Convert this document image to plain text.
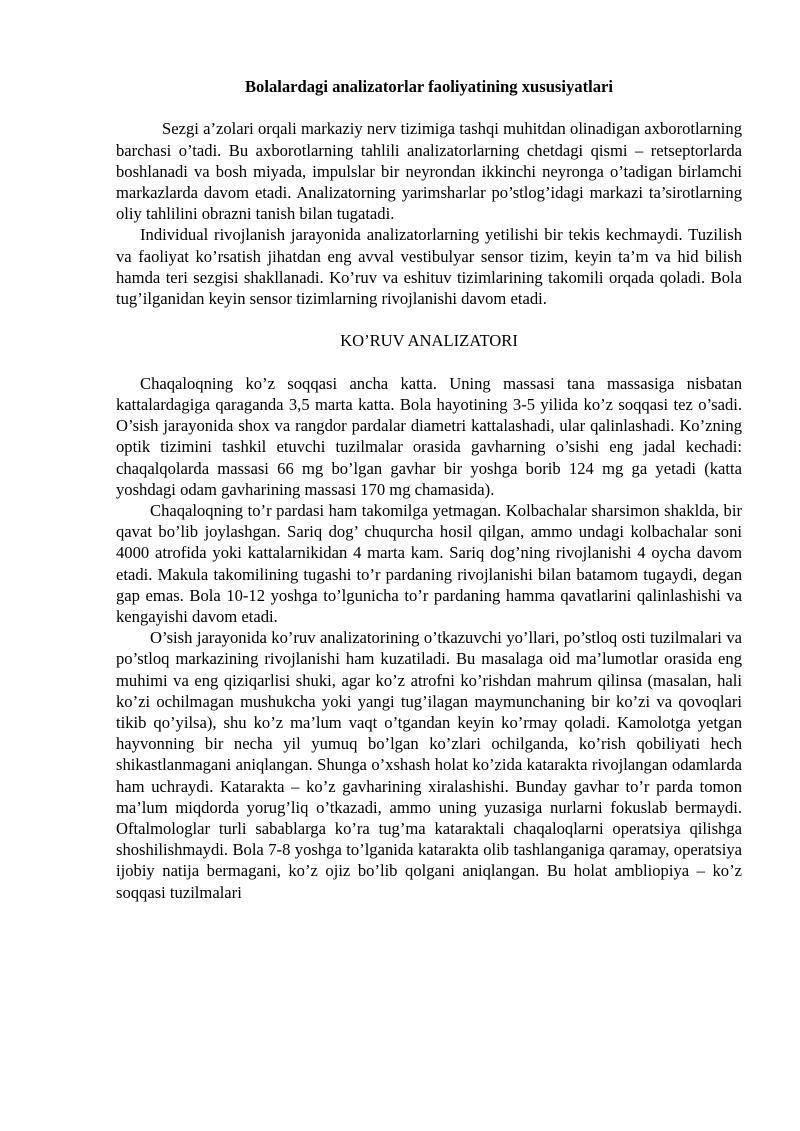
Bolalardagi analizatorlar faoliyatining xususiyatlari

Sezgi a’zolari orqali markaziy nerv tizimiga tashqi muhitdan olinadigan axborotlarning barchasi o’tadi. Bu axborotlarning tahlili analizatorlarning chetdagi qismi – retseptorlarda boshlanadi va bosh miyada, impulslar bir neyrondan ikkinchi neyronga o’tadigan birlamchi markazlarda davom etadi. Analizatorning yarimsharlar po’stlog’idagi markazi ta’sirotlarning oliy tahlilini obrazni tanish bilan tugatadi.

Individual rivojlanish jarayonida analizatorlarning yetilishi bir tekis kechmaydi. Tuzilish va faoliyat ko’rsatish jihatdan eng avval vestibulyar sensor tizim, keyin ta’m va hid bilish hamda teri sezgisi shakllanadi. Ko’ruv va eshituv tizimlarining takomili orqada qoladi. Bola tug’ilganidan keyin sensor tizimlarning rivojlanishi davom etadi.

KO’RUV ANALIZATORI

Chaqaloqning ko’z soqqasi ancha katta. Uning massasi tana massasiga nisbatan kattalardagiga qaraganda 3,5 marta katta. Bola hayotining 3-5 yilida ko’z soqqasi tez o’sadi. O’sish jarayonida shox va rangdor pardalar diametri kattalashadi, ular qalinlashadi. Ko’zning optik tizimini tashkil etuvchi tuzilmalar orasida gavharning o’sishi eng jadal kechadi: chaqalqolarda massasi 66 mg bo’lgan gavhar bir yoshga borib 124 mg ga yetadi (katta yoshdagi odam gavharining massasi 170 mg chamasida).

Chaqaloqning to’r pardasi ham takomilga yetmagan. Kolbachalar sharsimon shaklda, bir qavat bo’lib joylashgan. Sariq dog’ chuqurcha hosil qilgan, ammo undagi kolbachalar soni 4000 atrofida yoki kattalarnikidan 4 marta kam. Sariq dog’ning rivojlanishi 4 oycha davom etadi. Makula takomilining tugashi to’r pardaning rivojlanishi bilan batamom tugaydi, degan gap emas. Bola 10-12 yoshga to’lgunicha to’r pardaning hamma qavatlarini qalinlashishi va kengayishi davom etadi.

O’sish jarayonida ko’ruv analizatorining o’tkazuvchi yo’llari, po’stloq osti tuzilmalari va po’stloq markazining rivojlanishi ham kuzatiladi. Bu masalaga oid ma’lumotlar orasida eng muhimi va eng qiziqarlisi shuki, agar ko’z atrofni ko’rishdan mahrum qilinsa (masalan, hali ko’zi ochilmagan mushukcha yoki yangi tug’ilagan maymunchaning bir ko’zi va qovoqlari tikib qo’yilsa), shu ko’z ma’lum vaqt o’tgandan keyin ko’rmay qoladi. Kamolotga yetgan hayvonning bir necha yil yumuq bo’lgan ko’zlari ochilganda, ko’rish qobiliyati hech shikastlanmagani aniqlangan. Shunga o’xshash holat ko’zida katarakta rivojlangan odamlarda ham uchraydi. Katarakta – ko’z gavharining xiralashishi. Bunday gavhar to’r parda tomon ma’lum miqdorda yorug’liq o’tkazadi, ammo uning yuzasiga nurlarni fokuslab bermaydi. Oftalmologlar turli sabablarga ko’ra tug’ma kataraktali chaqaloqlarni operatsiya qilishga shoshilishmaydi. Bola 7-8 yoshga to’lganida katarakta olib tashlanganiga qaramay, operatsiya ijobiy natija bermagani, ko’z ojiz bo’lib qolgani aniqlangan. Bu holat ambliopiya – ko’z soqqasi tuzilmalari
